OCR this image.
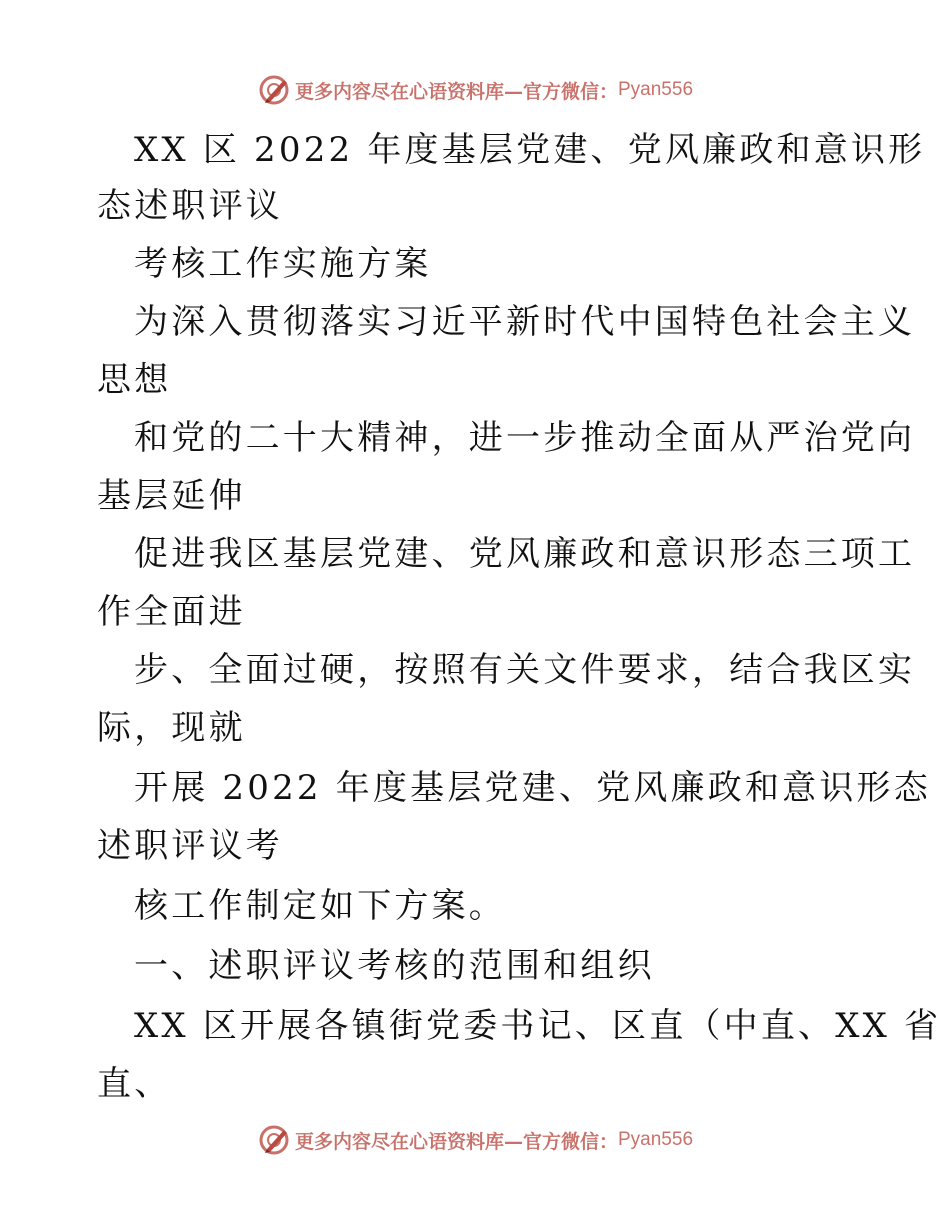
更多内容尽在心语资料库 —官方微信： Pyan556
XX 区 2022 年度基层党建、党风廉政和意识形
态述职评议
考核工作实施方案
为深入贯彻落实习近平新时代中国特色社会主义
思想
和党的二十大精神，进一步推动全面从严治党向
基层延伸
促进我区基层党建、党风廉政和意识形态三项工
作全面进
步、全面过硬，按照有关文件要求，结合我区实
际，现就
开展 2022 年度基层党建、党风廉政和意识形态
述职评议考
核工作制定如下方案。
一、述职评议考核的范围和组织
XX 区开展各镇街党委书记、区直（中直、XX 省
直、
更多内容尽在心语资料库 —官方微信： Pyan556
